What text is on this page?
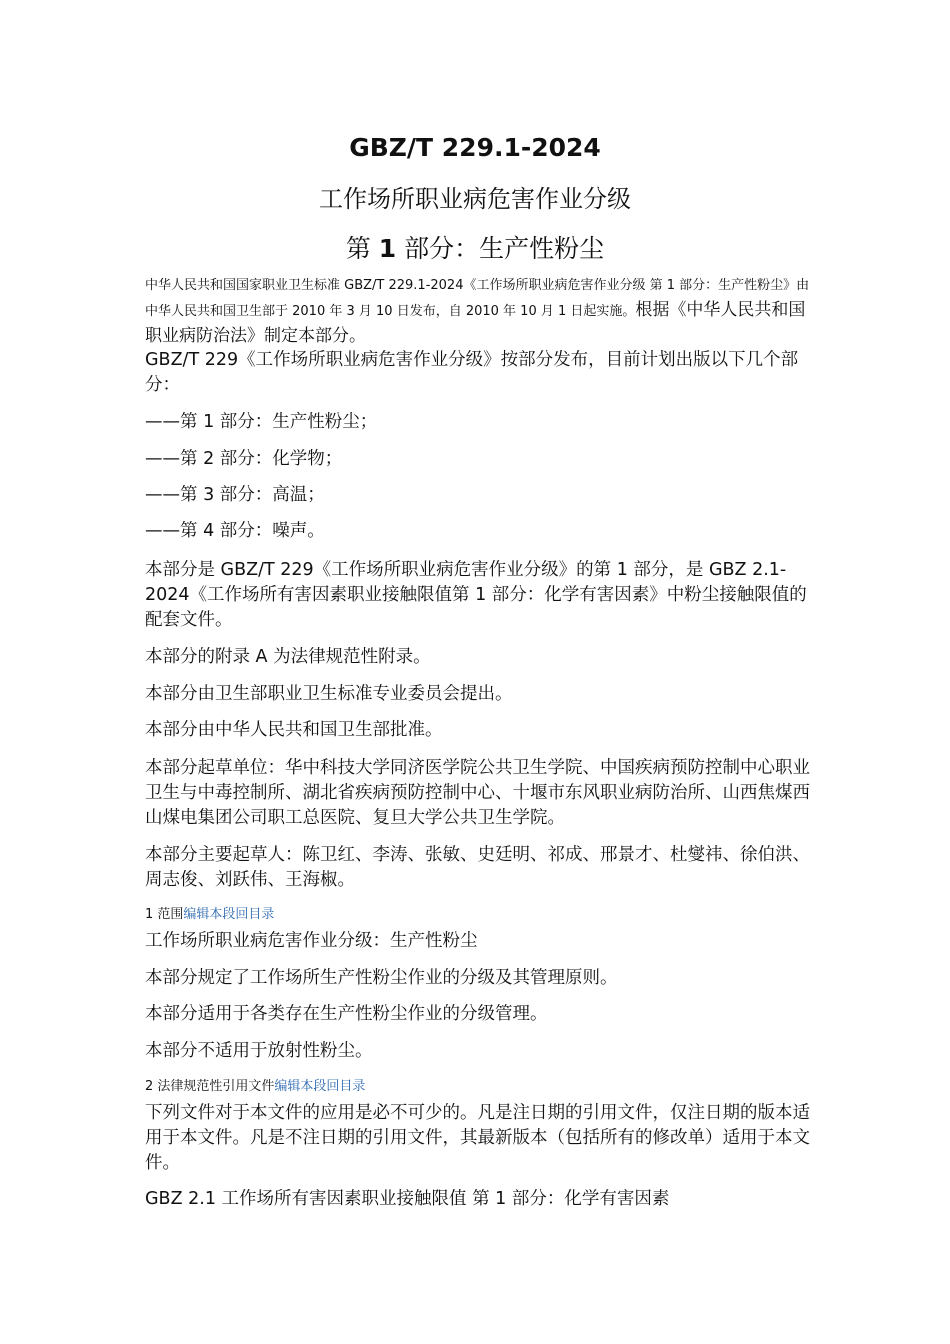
GBZ/T 229.1-2024
工作场所职业病危害作业分级
第 1 部分：生产性粉尘
中华人民共和国国家职业卫生标准 GBZ/T 229.1-2024《工作场所职业病危害作业分级 第 1 部分：生产性粉尘》由中华人民共和国卫生部于 2010 年 3 月 10 日发布，自 2010 年 10 月 1 日起实施。根据《中华人民共和国职业病防治法》制定本部分。

GBZ/T 229《工作场所职业病危害作业分级》按部分发布，目前计划出版以下几个部分：

——第 1 部分：生产性粉尘；

——第 2 部分：化学物；

——第 3 部分：高温；

——第 4 部分：噪声。

本部分是 GBZ/T 229《工作场所职业病危害作业分级》的第 1 部分，是 GBZ 2.1-2024《工作场所有害因素职业接触限值第 1 部分：化学有害因素》中粉尘接触限值的配套文件。

本部分的附录 A 为法律规范性附录。

本部分由卫生部职业卫生标准专业委员会提出。

本部分由中华人民共和国卫生部批准。

本部分起草单位：华中科技大学同济医学院公共卫生学院、中国疾病预防控制中心职业卫生与中毒控制所、湖北省疾病预防控制中心、十堰市东风职业病防治所、山西焦煤西山煤电集团公司职工总医院、复旦大学公共卫生学院。

本部分主要起草人：陈卫红、李涛、张敏、史廷明、祁成、邢景才、杜燮祎、徐伯洪、周志俊、刘跃伟、王海椒。

1 范围编辑本段回目录

工作场所职业病危害作业分级：生产性粉尘

本部分规定了工作场所生产性粉尘作业的分级及其管理原则。

本部分适用于各类存在生产性粉尘作业的分级管理。

本部分不适用于放射性粉尘。

2 法律规范性引用文件编辑本段回目录

下列文件对于本文件的应用是必不可少的。凡是注日期的引用文件，仅注日期的版本适用于本文件。凡是不注日期的引用文件，其最新版本（包括所有的修改单）适用于本文件。

GBZ 2.1 工作场所有害因素职业接触限值 第 1 部分：化学有害因素
